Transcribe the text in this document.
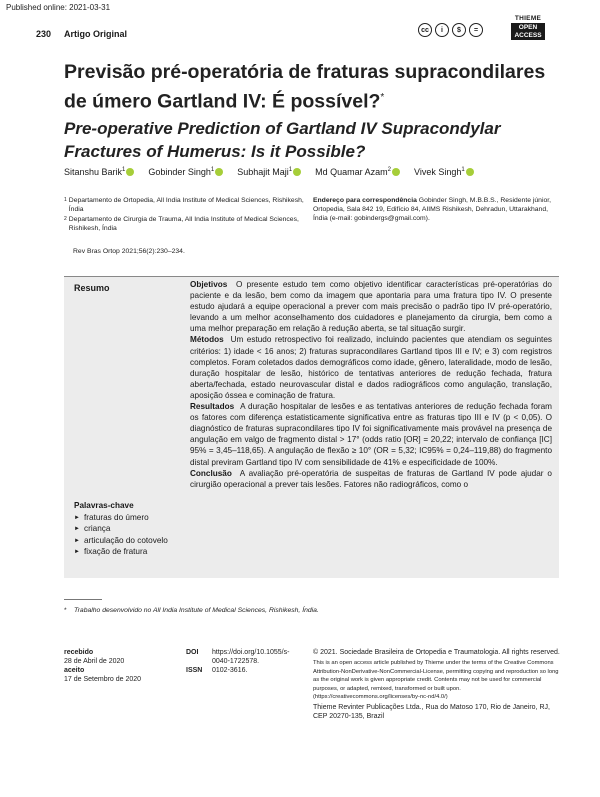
Published online: 2021-03-31
230 Artigo Original	cc	i	$	=
THIEME
OPEN
ACCESS
Previsão pré-operatória de fraturas supracondilares de úmero Gartland IV: É possível?*
Pre-operative Prediction of Gartland IV Supracondylar Fractures of Humerus: Is it Possible?
Sitanshu Barik$^1$	Gobinder Singh$^1$	Subhajit Maji$^1$	Md Quamar Azam$^2$	Vivek Singh$^1$
1 Departamento de Ortopedia, All India Institute of Medical Sciences, Rishikesh, Índia
2 Departamento de Cirurgia de Trauma, All India Institute of Medical Sciences, Rishikesh, Índia
Endereço para correspondência Gobinder Singh, M.B.B.S., Residente júnior, Ortopedia, Sala 842 19, Edifício 84, AIIMS Rishikesh, Dehradun, Uttarakhand, Índia (e-mail: gobindergs@gmail.com).
Rev Bras Ortop 2021;56(2):230–234.
Resumo	Objetivos O presente estudo tem como objetivo identificar características pré-operatórias do paciente e da lesão, bem como da imagem que apontaria para uma fratura tipo IV. O presente estudo ajudará a equipe operacional a prever com mais precisão o padrão tipo IV pré-operatório, levando a um melhor aconselhamento dos cuidadores e planejamento da cirurgia, bem como a uma melhor preparação em relação à redução aberta, se tal situação surgir.

Métodos Um estudo retrospectivo foi realizado, incluindo pacientes que atendiam os seguintes critérios: 1) idade < 16 anos; 2) fraturas supracondilares Gartland tipos III e IV; e 3) com registros completos. Foram coletados dados demográficos como idade, gênero, lateralidade, modo de lesão, duração hospitalar de lesão, histórico de tentativas anteriores de redução fechada, fratura aberta/fechada, estado neurovascular distal e dados radiográficos como angulação, translação, aposição óssea e cominação de fratura.

Resultados A duração hospitalar de lesões e as tentativas anteriores de redução fechada foram os fatores com diferença estatisticamente significativa entre as fraturas tipo III e IV (p < 0,05). O diagnóstico de fraturas supracondilares tipo IV foi significativamente mais provável na presença de angulação em valgo de fragmento distal > 17° (odds ratio [OR] = 20,22; intervalo de confiança [IC] 95% = 3,45–118,65). A angulação de flexão ≥ 10° (OR = 5,32; IC95% = 0,24–119,88) do fragmento distal previram Gartland tipo IV com sensibilidade de 41% e especificidade de 100%.

Conclusão A avaliação pré-operatória de suspeitas de fraturas de Gartland IV pode ajudar o cirurgião operacional a prever tais lesões. Fatores não radiográficos, como o

Palavras-chave
► fraturas do úmero
► criança
► articulação do cotovelo
► fixação de fratura
* Trabalho desenvolvido no All India Institute of Medical Sciences, Rishikesh, Índia.
recebido
28 de Abril de 2020
aceito
17 de Setembro de 2020
DOI https://doi.org/10.1055/s-0040-1722578.
ISSN 0102-3616.
© 2021. Sociedade Brasileira de Ortopedia e Traumatologia. All rights reserved.
This is an open access article published by Thieme under the terms of the Creative Commons Attribution-NonDerivative-NonCommercial-License, permitting copying and reproduction so long as the original work is given appropriate credit. Contents may not be used for commercial purposes, or adapted, remixed, transformed or built upon. (https://creativecommons.org/licenses/by-nc-nd/4.0/)
Thieme Revinter Publicações Ltda., Rua do Matoso 170, Rio de Janeiro, RJ, CEP 20270-135, Brazil
